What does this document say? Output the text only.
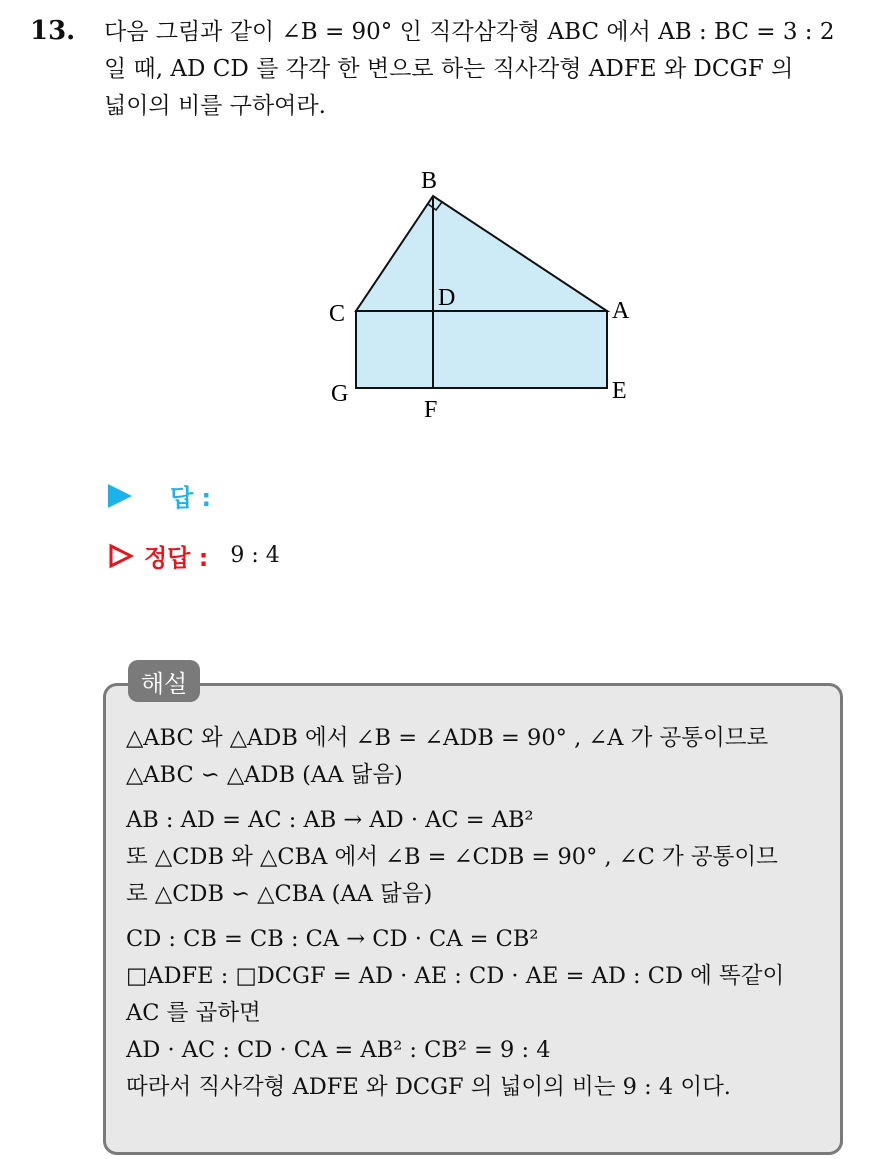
13. 다음 그림과 같이 ∠B = 90° 인 직각삼각형 ABC 에서 AB : BC = 3 : 2
일 때, AD CD 를 각각 한 변으로 하는 직사각형 ADFE 와 DCGF 의
넓이의 비를 구하여라.
B
D
C	A
G
F
E
답 :
정답 : 9 : 4
해설
△ABC 와 △ADB 에서 ∠B = ∠ADB = 90° , ∠A 가 공통이므로
△ABC ∽ △ADB (AA 닮음)
AB : AD = AC : AB → AD · AC = AB²
또 △CDB 와 △CBA 에서 ∠B = ∠CDB = 90° , ∠C 가 공통이므
로 △CDB ∽ △CBA (AA 닮음)
CD : CB = CB : CA → CD · CA = CB²
□ADFE : □DCGF = AD · AE : CD · AE = AD : CD 에 똑같이
AC 를 곱하면
AD · AC : CD · CA = AB² : CB² = 9 : 4
따라서 직사각형 ADFE 와 DCGF 의 넓이의 비는 9 : 4 이다.
